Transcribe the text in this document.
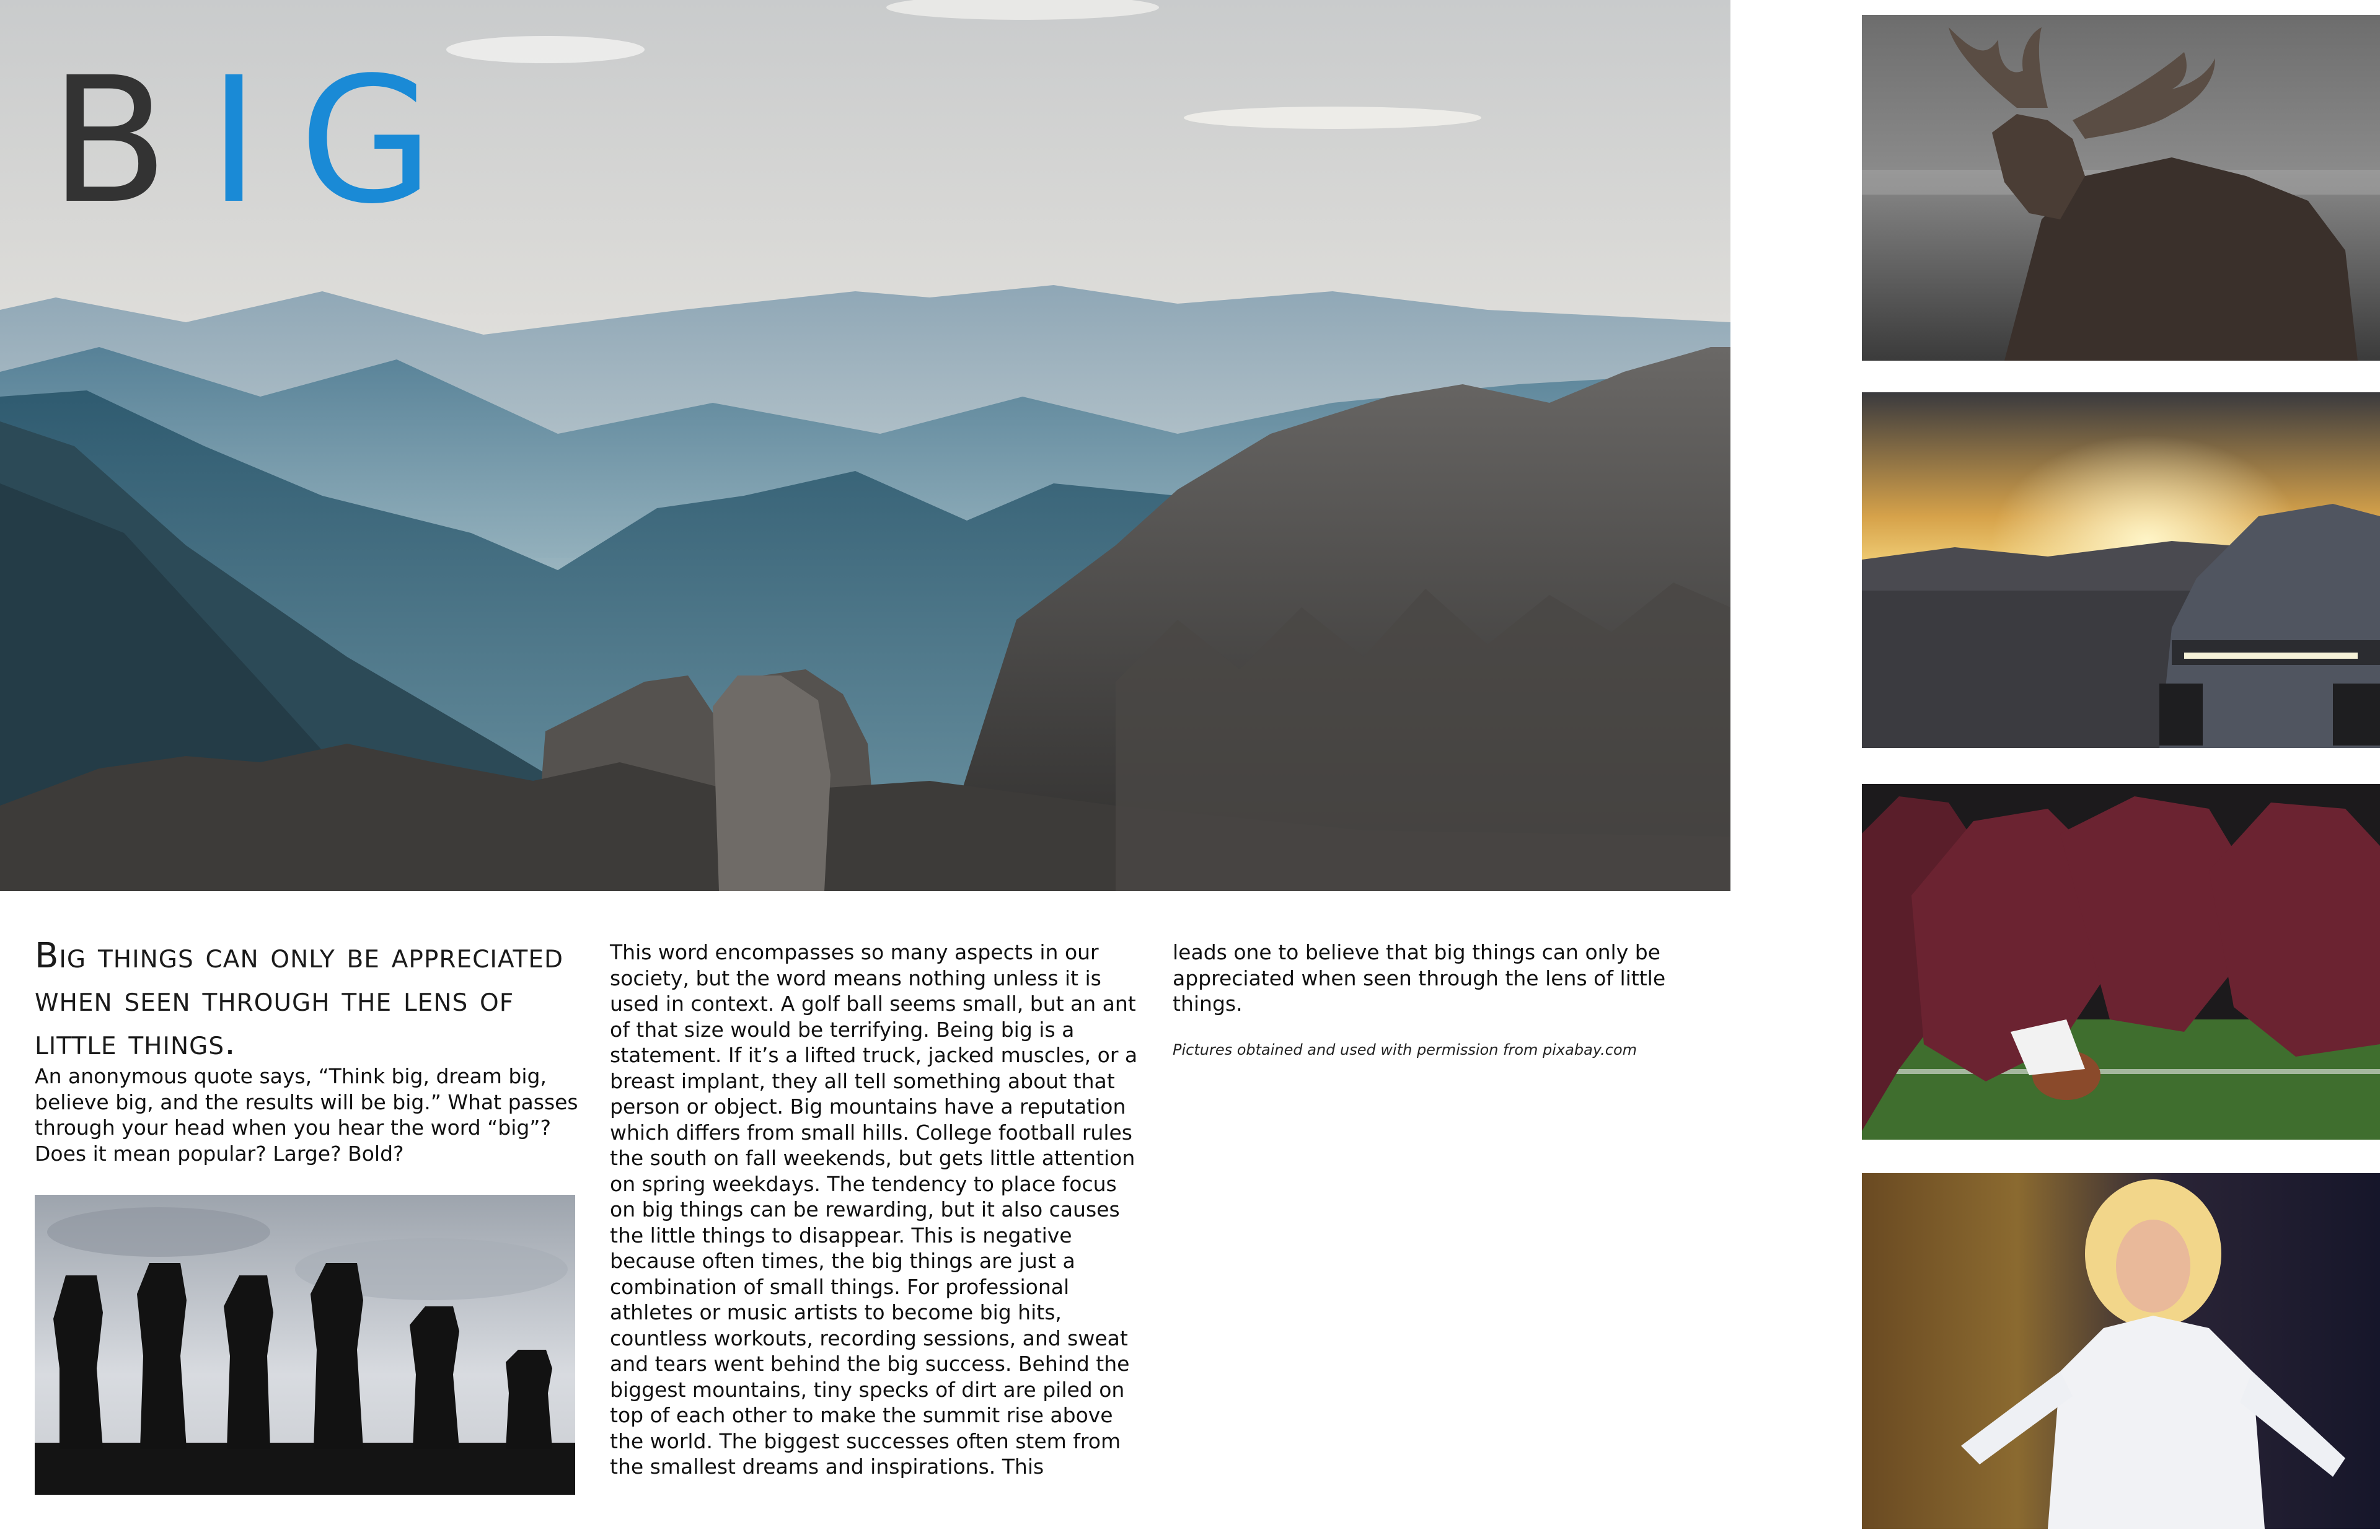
BIG
Big things can only be appreciated when seen through the lens of little things.

An anonymous quote says, “Think big, dream big, believe big, and the results will be big.” What passes through your head when you hear the word “big”? Does it mean popular? Large? Bold?

This word encompasses so many aspects in our society, but the word means nothing unless it is used in context. A golf ball seems small, but an ant of that size would be terrifying. Being big is a statement. If it’s a lifted truck, jacked muscles, or a breast implant, they all tell something about that person or object. Big mountains have a reputation which differs from small hills. College football rules the south on fall weekends, but gets little attention on spring weekdays. The tendency to place focus on big things can be rewarding, but it also causes the little things to disappear. This is negative because often times, the big things are just a combination of small things. For professional athletes or music artists to become big hits, countless workouts, recording sessions, and sweat and tears went behind the big success. Behind the biggest mountains, tiny specks of dirt are piled on top of each other to make the summit rise above the world. The biggest successes often stem from the smallest dreams and inspirations. This

leads one to believe that big things can only be appreciated when seen through the lens of little things.

Pictures obtained and used with permission from pixabay.com
